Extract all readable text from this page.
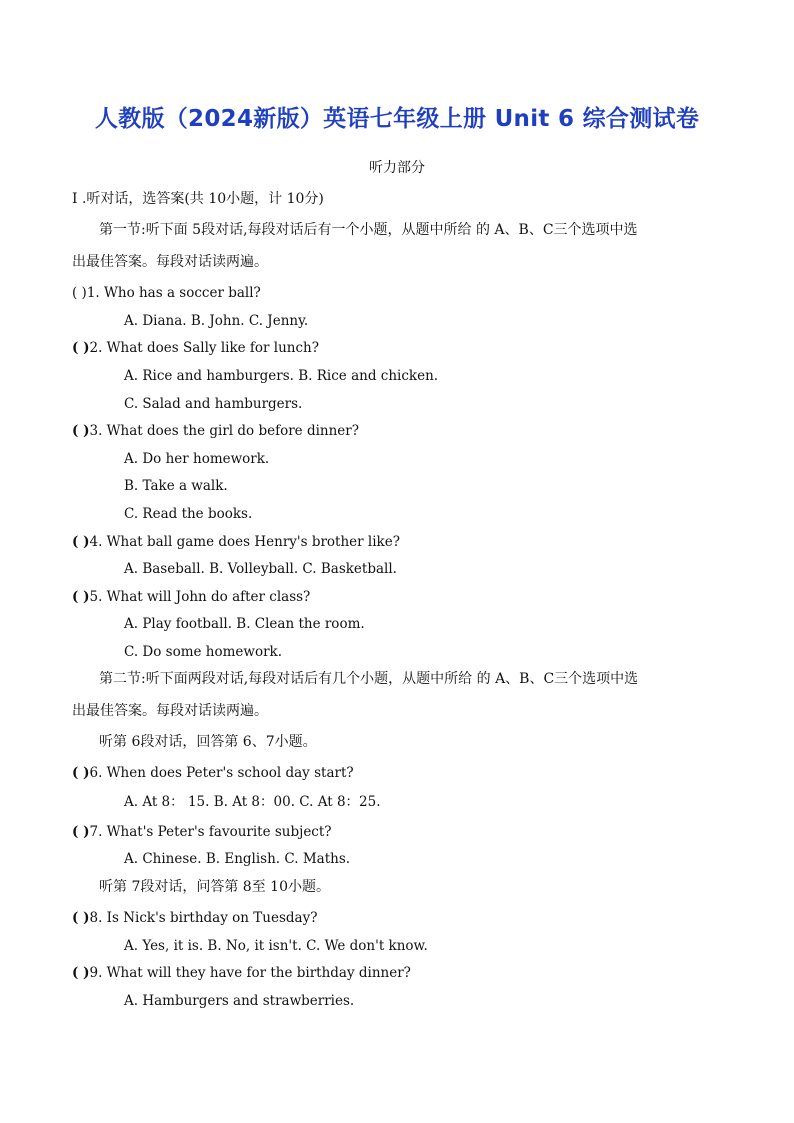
人教版（2024新版）英语七年级上册 Unit 6 综合测试卷
听力部分
I .听对话，选答案(共 10小题，计 10分)
第一节:听下面 5段对话,每段对话后有一个小题，从题中所给 的 A、B、C三个选项中选
出最佳答案。每段对话读两遍。
( )1. Who has a soccer ball?
A. Diana. B. John. C. Jenny.
( )2. What does Sally like for lunch?
A. Rice and hamburgers. B. Rice and chicken.
C. Salad and hamburgers.
( )3. What does the girl do before dinner?
A. Do her homework.
B. Take a walk.
C. Read the books.
( )4. What ball game does Henry's brother like?
A. Baseball. B. Volleyball. C. Basketball.
( )5. What will John do after class?
A. Play football. B. Clean the room.
C. Do some homework.
第二节:听下面两段对话,每段对话后有几个小题，从题中所给 的 A、B、C三个选项中选
出最佳答案。每段对话读两遍。
听第 6段对话，回答第 6、7小题。
( )6. When does Peter's school day start?
A. At 8： 15. B. At 8：00. C. At 8：25.
( )7. What's Peter's favourite subject?
A. Chinese. B. English. C. Maths.
听第 7段对话，问答第 8至 10小题。
( )8. Is Nick's birthday on Tuesday?
A. Yes, it is. B. No, it isn't. C. We don't know.
( )9. What will they have for the birthday dinner?
A. Hamburgers and strawberries.
